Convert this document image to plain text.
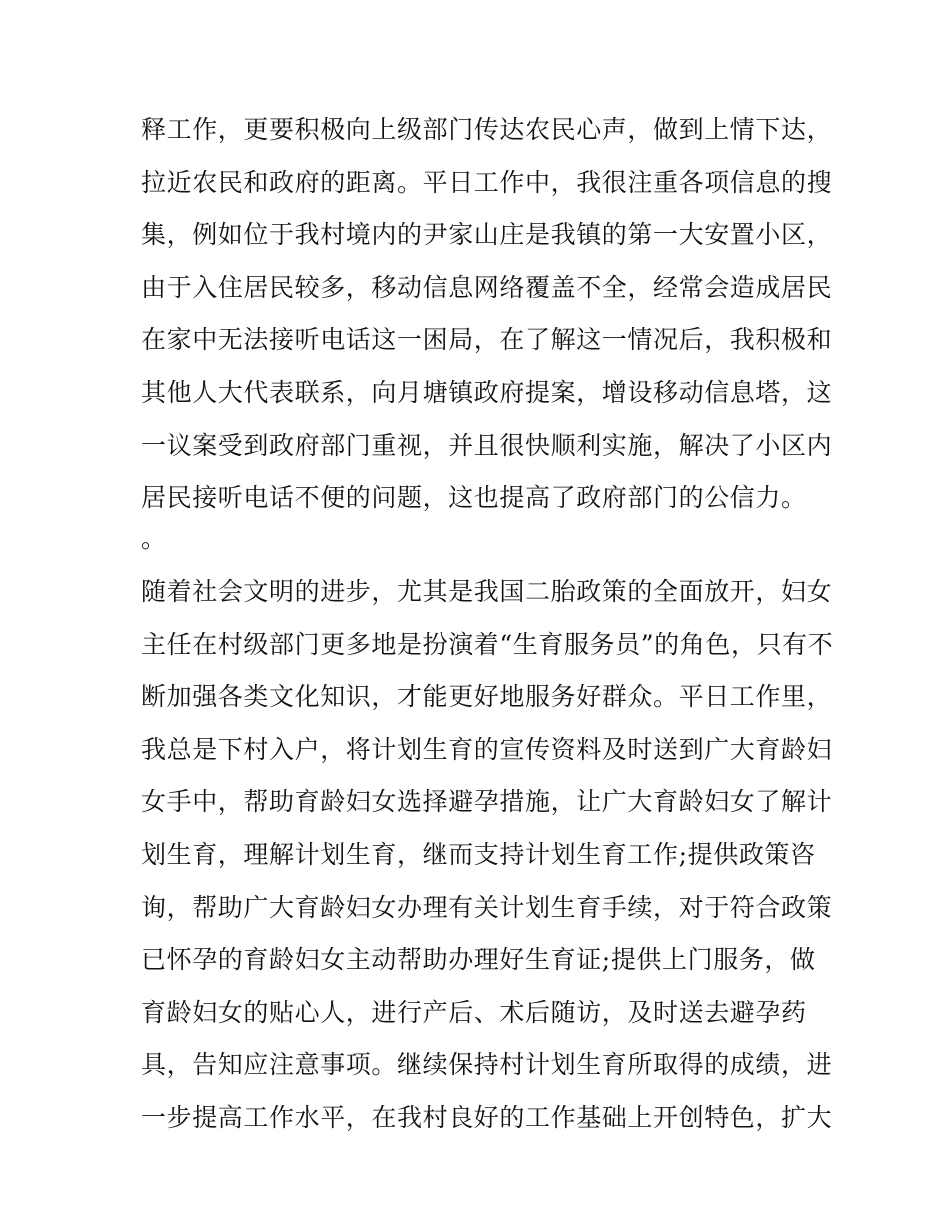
释工作，更要积极向上级部门传达农民心声，做到上情下达，
拉近农民和政府的距离。平日工作中，我很注重各项信息的搜
集，例如位于我村境内的尹家山庄是我镇的第一大安置小区，
由于入住居民较多，移动信息网络覆盖不全，经常会造成居民
在家中无法接听电话这一困局，在了解这一情况后，我积极和
其他人大代表联系，向月塘镇政府提案，增设移动信息塔，这
一议案受到政府部门重视，并且很快顺利实施，解决了小区内
居民接听电话不便的问题，这也提高了政府部门的公信力。
。
随着社会文明的进步，尤其是我国二胎政策的全面放开，妇女
主任在村级部门更多地是扮演着“生育服务员”的角色，只有不
断加强各类文化知识，才能更好地服务好群众。平日工作里，
我总是下村入户，将计划生育的宣传资料及时送到广大育龄妇
女手中，帮助育龄妇女选择避孕措施，让广大育龄妇女了解计
划生育，理解计划生育，继而支持计划生育工作;提供政策咨
询，帮助广大育龄妇女办理有关计划生育手续，对于符合政策
已怀孕的育龄妇女主动帮助办理好生育证;提供上门服务，做
育龄妇女的贴心人，进行产后、术后随访，及时送去避孕药
具，告知应注意事项。继续保持村计划生育所取得的成绩，进
一步提高工作水平，在我村良好的工作基础上开创特色，扩大
